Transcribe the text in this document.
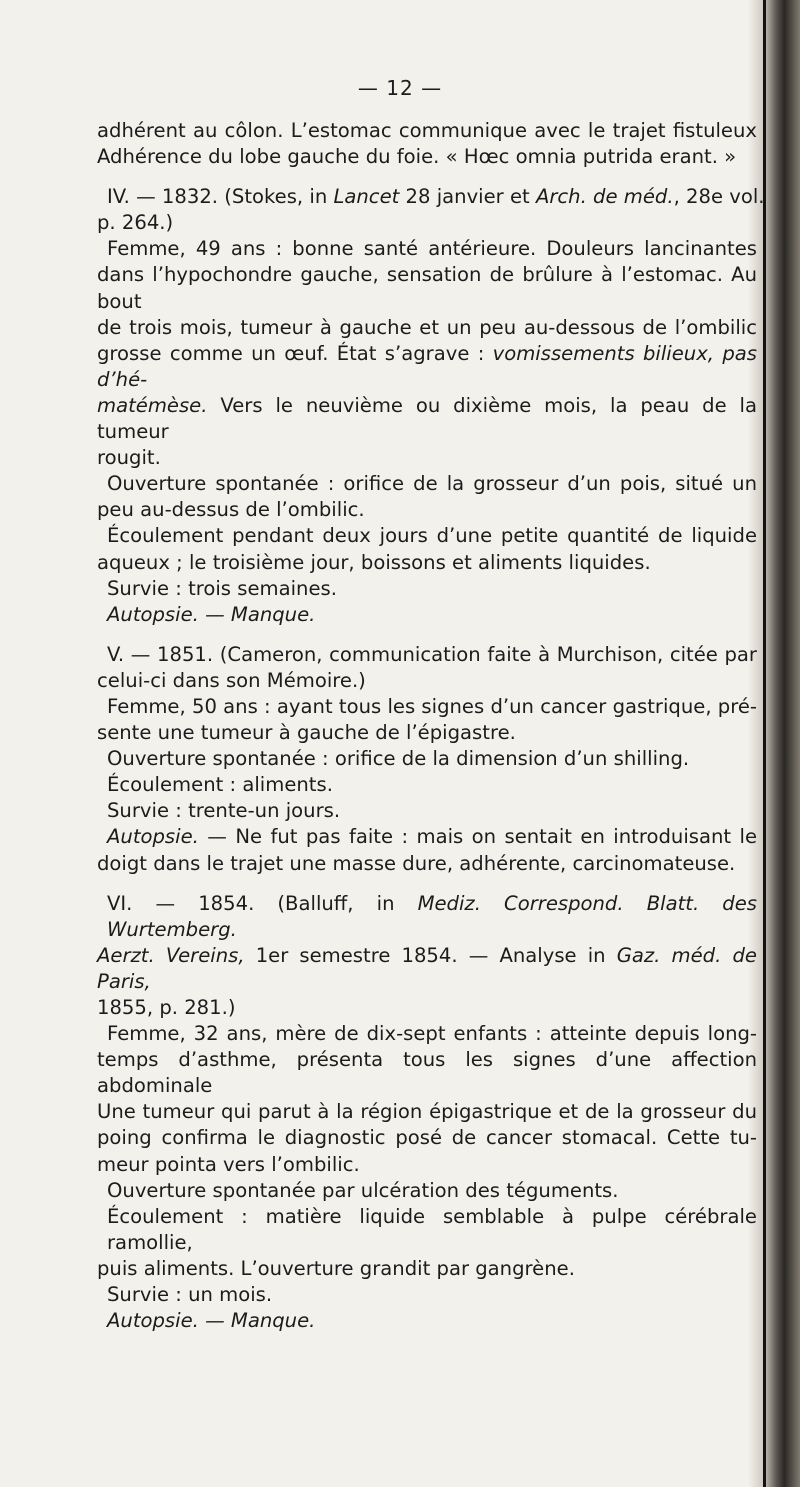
— 12 —
adhérent au côlon. L’estomac communique avec le trajet fistuleux
Adhérence du lobe gauche du foie. « Hœc omnia putrida erant. »
IV. — 1832. (Stokes, in Lancet 28 janvier et Arch. de méd., 28e vol.
p. 264.)
Femme, 49 ans : bonne santé antérieure. Douleurs lancinantes
dans l’hypochondre gauche, sensation de brûlure à l’estomac. Au bout
de trois mois, tumeur à gauche et un peu au-dessous de l’ombilic
grosse comme un œuf. État s’agrave : vomissements bilieux, pas d’hé-
matémèse. Vers le neuvième ou dixième mois, la peau de la tumeur
rougit.
Ouverture spontanée : orifice de la grosseur d’un pois, situé un
peu au-dessus de l’ombilic.
Écoulement pendant deux jours d’une petite quantité de liquide
aqueux ; le troisième jour, boissons et aliments liquides.
Survie : trois semaines.
Autopsie. — Manque.
V. — 1851. (Cameron, communication faite à Murchison, citée par
celui-ci dans son Mémoire.)
Femme, 50 ans : ayant tous les signes d’un cancer gastrique, pré-
sente une tumeur à gauche de l’épigastre.
Ouverture spontanée : orifice de la dimension d’un shilling.
Écoulement : aliments.
Survie : trente-un jours.
Autopsie. — Ne fut pas faite : mais on sentait en introduisant le
doigt dans le trajet une masse dure, adhérente, carcinomateuse.
VI. — 1854. (Balluff, in Mediz. Correspond. Blatt. des Wurtemberg.
Aerzt. Vereins, 1er semestre 1854. — Analyse in Gaz. méd. de Paris,
1855, p. 281.)
Femme, 32 ans, mère de dix-sept enfants : atteinte depuis long-
temps d’asthme, présenta tous les signes d’une affection abdominale
Une tumeur qui parut à la région épigastrique et de la grosseur du
poing confirma le diagnostic posé de cancer stomacal. Cette tu-
meur pointa vers l’ombilic.
Ouverture spontanée par ulcération des téguments.
Écoulement : matière liquide semblable à pulpe cérébrale ramollie,
puis aliments. L’ouverture grandit par gangrène.
Survie : un mois.
Autopsie. — Manque.
